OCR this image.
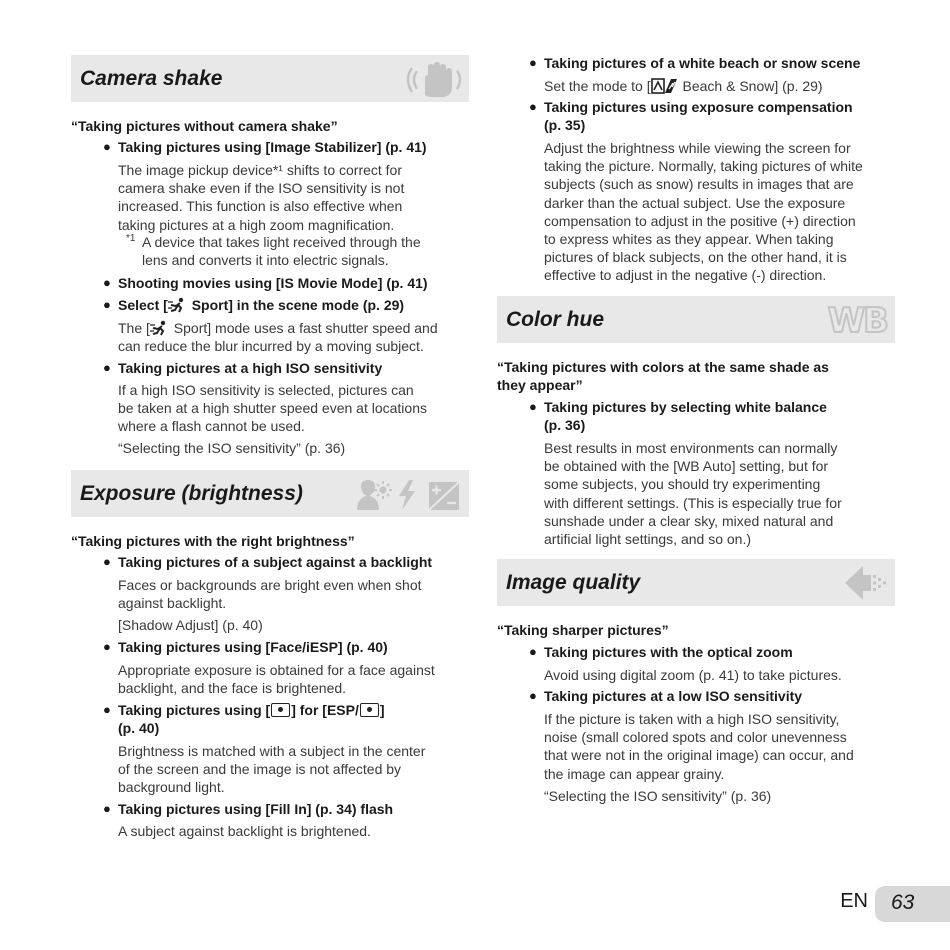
Camera shake
“Taking pictures without camera shake”
● Taking pictures using [Image Stabilizer] (p. 41)
The image pickup device*¹ shifts to correct for
camera shake even if the ISO sensitivity is not
increased. This function is also effective when
taking pictures at a high zoom magnification.
*1 A device that takes light received through the
lens and converts it into electric signals.
● Shooting movies using [IS Movie Mode] (p. 41)
● Select [ Sport] in the scene mode (p. 29)
The [ Sport] mode uses a fast shutter speed and
can reduce the blur incurred by a moving subject.
● Taking pictures at a high ISO sensitivity
If a high ISO sensitivity is selected, pictures can
be taken at a high shutter speed even at locations
where a flash cannot be used.
“Selecting the ISO sensitivity” (p. 36)
Exposure (brightness)
“Taking pictures with the right brightness”
● Taking pictures of a subject against a backlight
Faces or backgrounds are bright even when shot
against backlight.
[Shadow Adjust] (p. 40)
● Taking pictures using [Face/iESP] (p. 40)
Appropriate exposure is obtained for a face against
backlight, and the face is brightened.
● Taking pictures using [ ] for [ESP/ ]
(p. 40)
Brightness is matched with a subject in the center
of the screen and the image is not affected by
background light.
● Taking pictures using [Fill In] (p. 34) flash
A subject against backlight is brightened.
● Taking pictures of a white beach or snow scene
Set the mode to [ Beach & Snow] (p. 29)
● Taking pictures using exposure compensation
(p. 35)
Adjust the brightness while viewing the screen for
taking the picture. Normally, taking pictures of white
subjects (such as snow) results in images that are
darker than the actual subject. Use the exposure
compensation to adjust in the positive (+) direction
to express whites as they appear. When taking
pictures of black subjects, on the other hand, it is
effective to adjust in the negative (-) direction.
Color hue	WB
“Taking pictures with colors at the same shade as
they appear”
● Taking pictures by selecting white balance
(p. 36)
Best results in most environments can normally
be obtained with the [WB Auto] setting, but for
some subjects, you should try experimenting
with different settings. (This is especially true for
sunshade under a clear sky, mixed natural and
artificial light settings, and so on.)
Image quality
“Taking sharper pictures”
● Taking pictures with the optical zoom
Avoid using digital zoom (p. 41) to take pictures.
● Taking pictures at a low ISO sensitivity
If the picture is taken with a high ISO sensitivity,
noise (small colored spots and color unevenness
that were not in the original image) can occur, and
the image can appear grainy.
“Selecting the ISO sensitivity” (p. 36)
EN 63
